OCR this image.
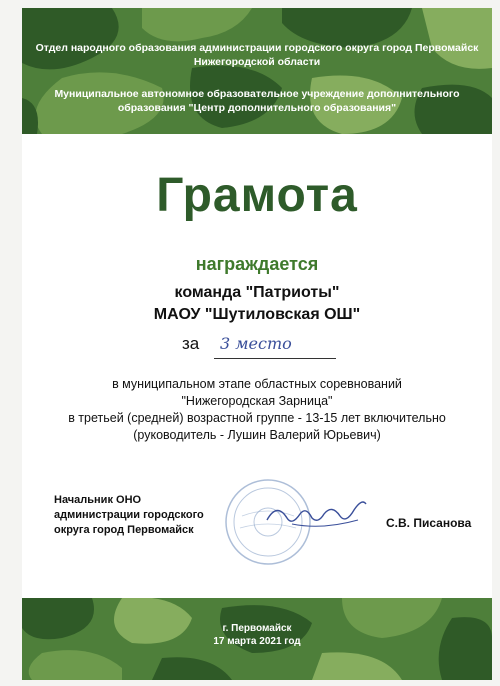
Отдел народного образования администрации городского округа город Первомайск
Нижегородской области
Муниципальное автономное образовательное учреждение дополнительного
образования "Центр дополнительного образования"
Грамота
награждается
команда "Патриоты"
МАОУ "Шутиловская ОШ"
за 3 место
в муниципальном этапе областных соревнований
"Нижегородская Зарница"
в третьей (средней) возрастной группе - 13-15 лет включительно
(руководитель - Лушин Валерий Юрьевич)
Начальник ОНО
администрации городского
округа город Первомайск	С.В. Писанова
г. Первомайск
17 марта 2021 год
